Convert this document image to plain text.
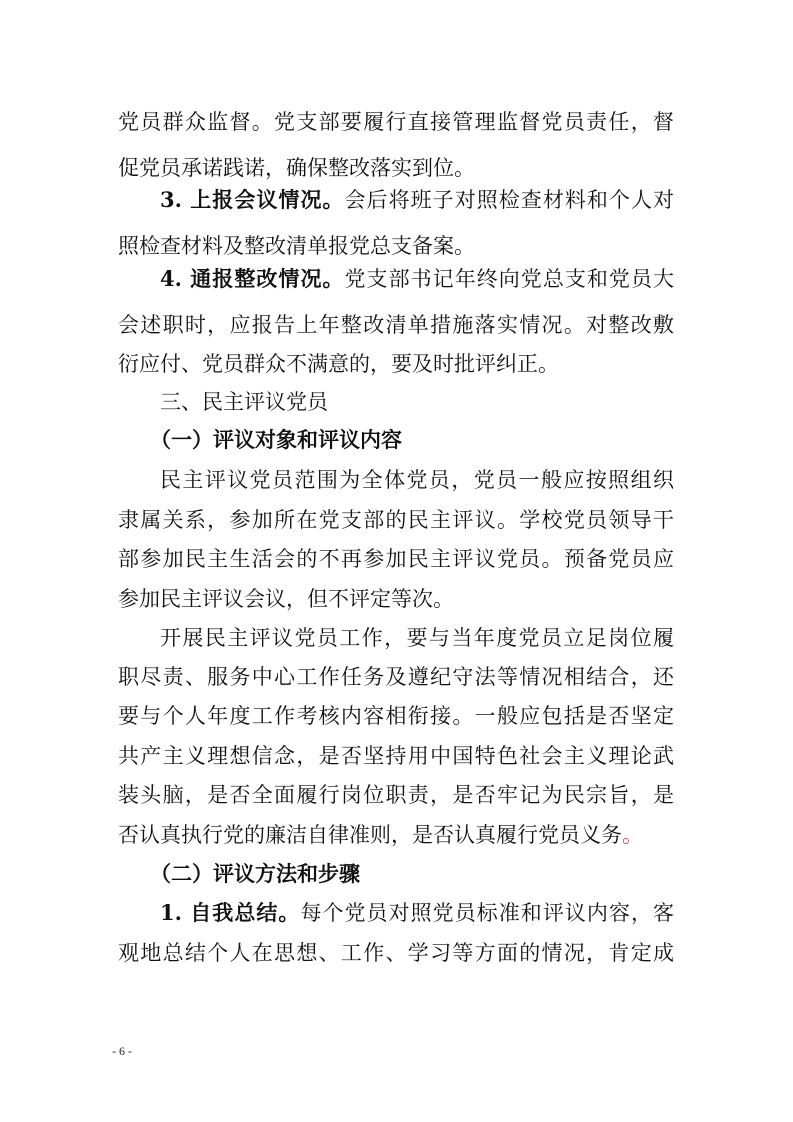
党员群众监督。党支部要履行直接管理监督党员责任，督
促党员承诺践诺，确保整改落实到位。
3. 上报会议情况。会后将班子对照检查材料和个人对
照检查材料及整改清单报党总支备案。
4. 通报整改情况。党支部书记年终向党总支和党员大
会述职时，应报告上年整改清单措施落实情况。对整改敷
衍应付、党员群众不满意的，要及时批评纠正。
三、民主评议党员
（一）评议对象和评议内容
民主评议党员范围为全体党员，党员一般应按照组织
隶属关系，参加所在党支部的民主评议。学校党员领导干
部参加民主生活会的不再参加民主评议党员。预备党员应
参加民主评议会议，但不评定等次。
开展民主评议党员工作，要与当年度党员立足岗位履
职尽责、服务中心工作任务及遵纪守法等情况相结合，还
要与个人年度工作考核内容相衔接。一般应包括是否坚定
共产主义理想信念，是否坚持用中国特色社会主义理论武
装头脑，是否全面履行岗位职责，是否牢记为民宗旨，是
否认真执行党的廉洁自律准则，是否认真履行党员义务。
（二）评议方法和步骤
1. 自我总结。每个党员对照党员标准和评议内容，客
观地总结个人在思想、工作、学习等方面的情况，肯定成
- 6 -
